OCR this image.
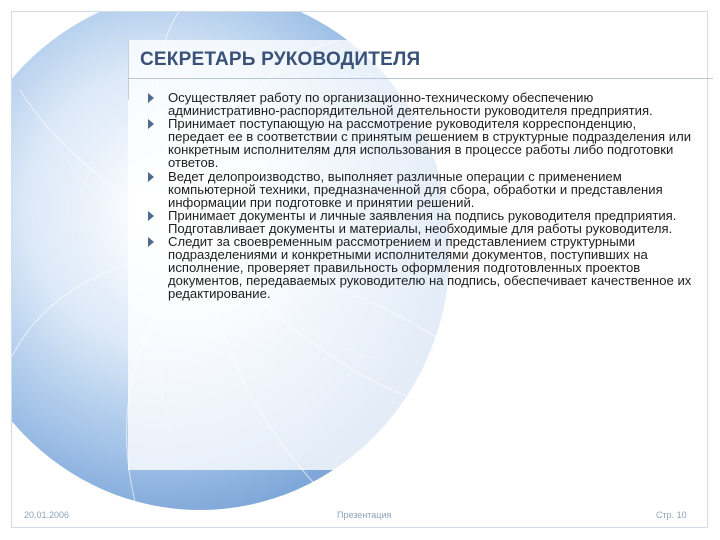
СЕКРЕТАРЬ РУКОВОДИТЕЛЯ
Осуществляет работу по организационно-техническому обеспечению административно-распорядительной деятельности руководителя предприятия.
Принимает поступающую на рассмотрение руководителя корреспонденцию, передает ее в соответствии с принятым решением в структурные подразделения или конкретным исполнителям для использования в процессе работы либо подготовки ответов.
Ведет делопроизводство, выполняет различные операции с применением компьютерной техники, предназначенной для сбора, обработки и представления информации при подготовке и принятии решений.
Принимает документы и личные заявления на подпись руководителя предприятия. Подготавливает документы и материалы, необходимые для работы руководителя.
Следит за своевременным рассмотрением и представлением структурными подразделениями и конкретными исполнителями документов, поступивших на исполнение, проверяет правильность оформления подготовленных проектов документов, передаваемых руководителю на подпись, обеспечивает качественное их редактирование.
20.01.2006	Презентация	Стр. 10
